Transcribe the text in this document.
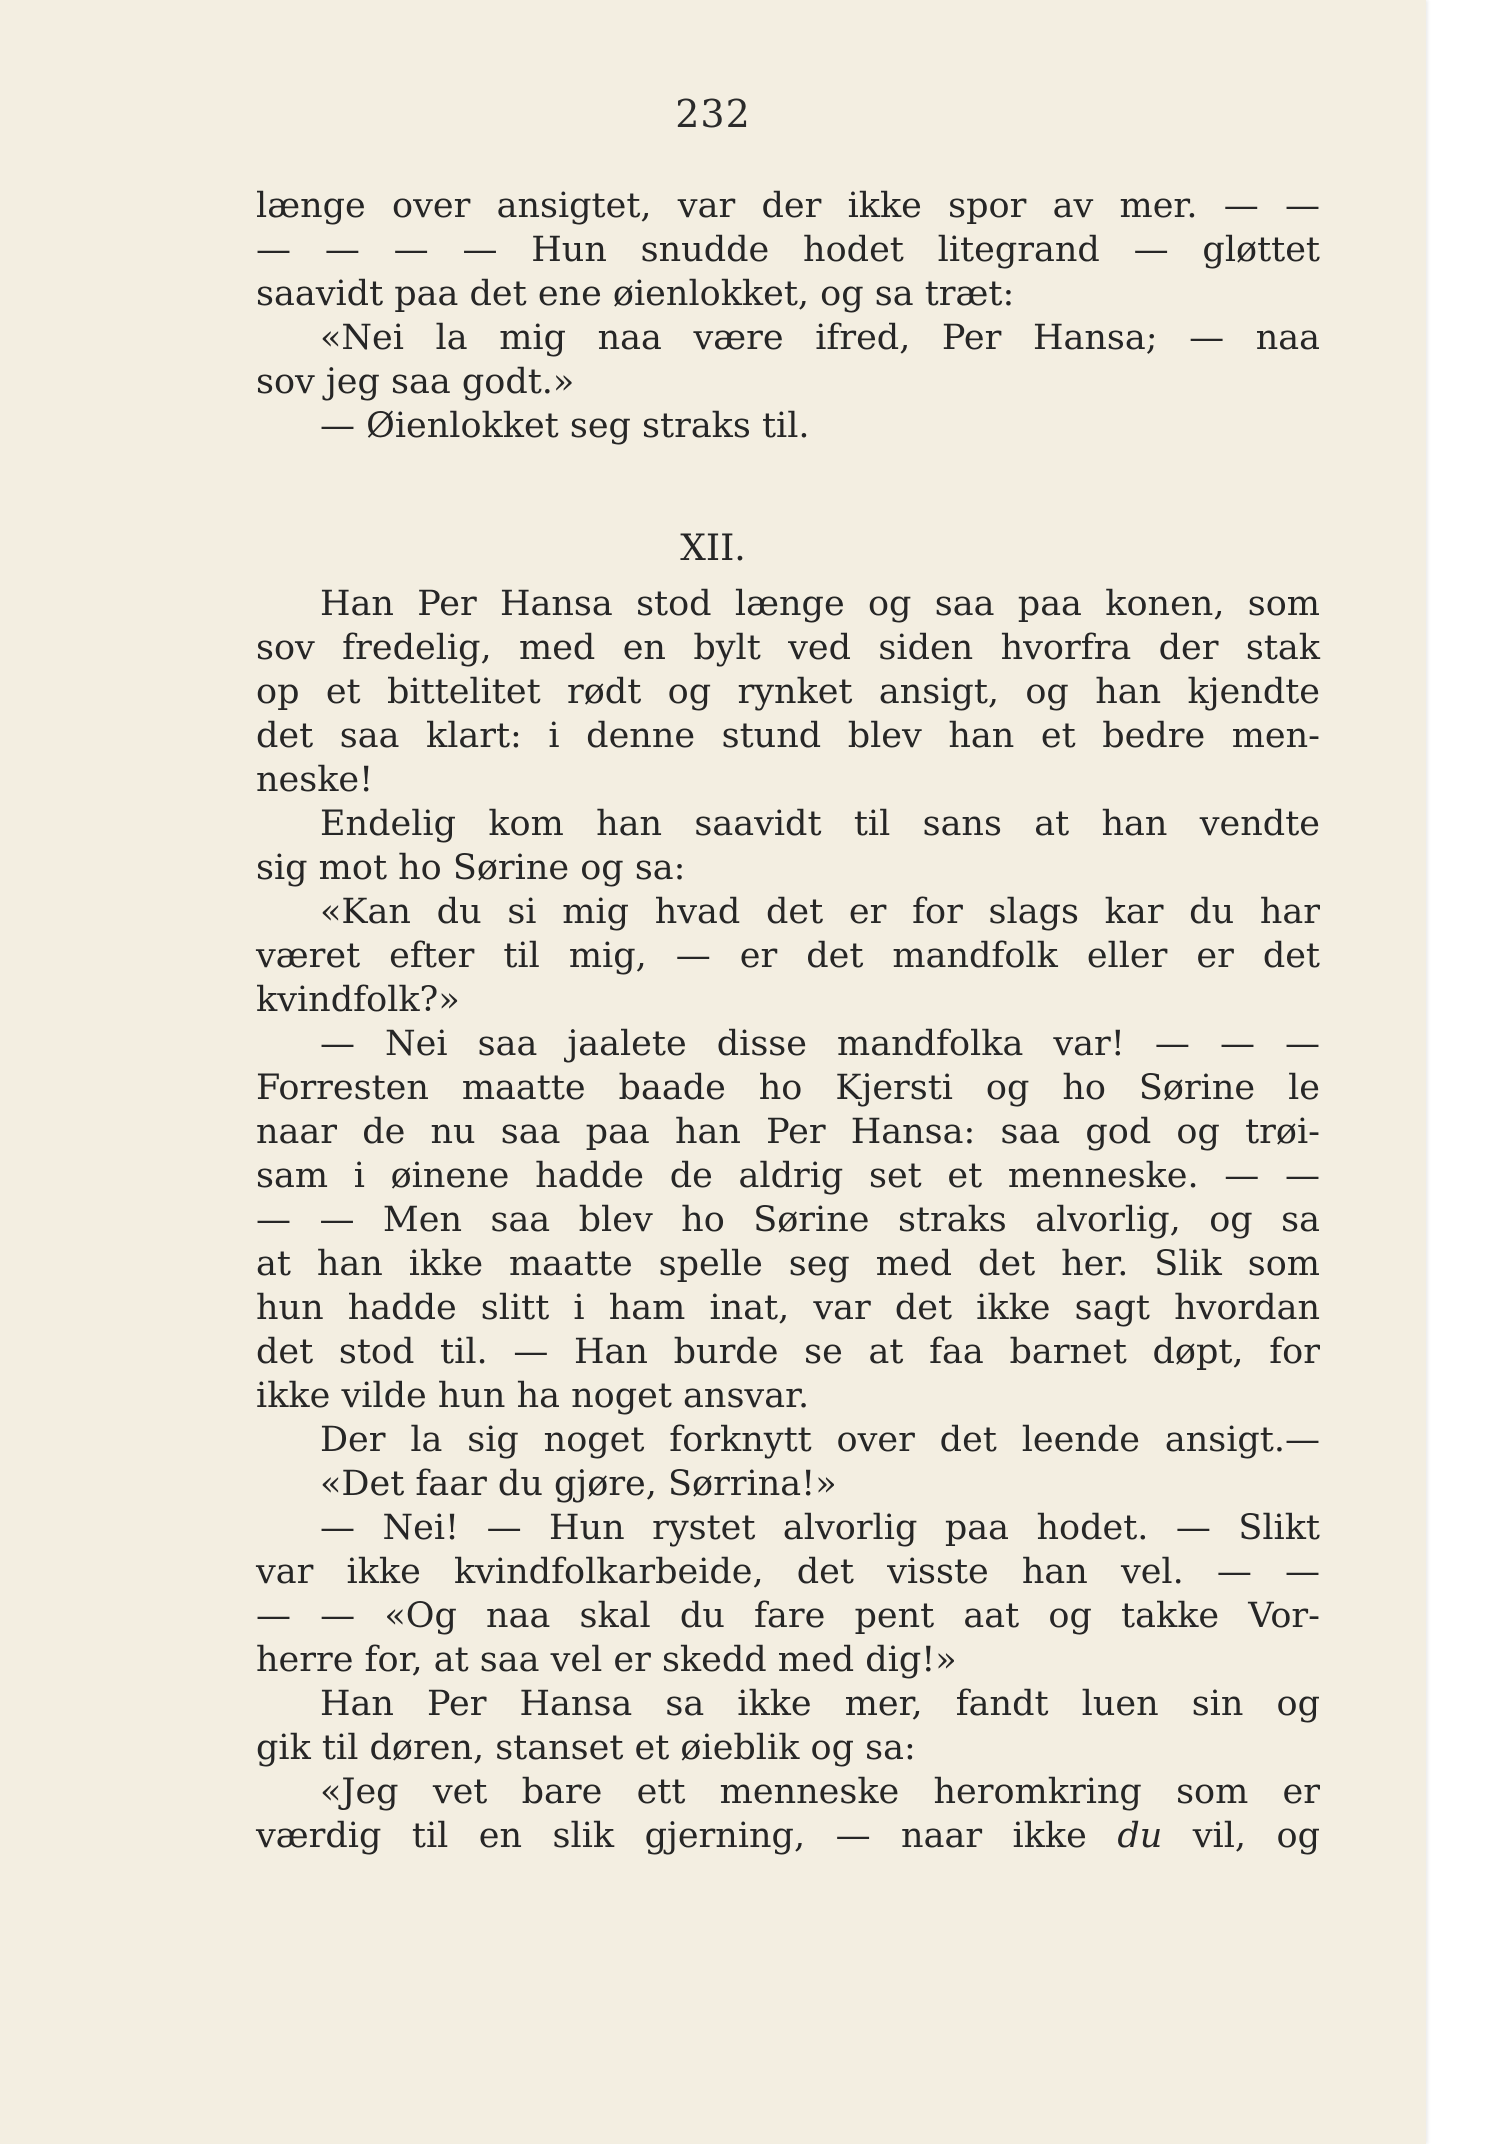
232
længe over ansigtet, var der ikke spor av mer. — —
— — — — Hun snudde hodet litegrand — gløttet
saavidt paa det ene øienlokket, og sa træt:
«Nei la mig naa være ifred, Per Hansa; — naa
sov jeg saa godt.»
— Øienlokket seg straks til.
XII.
Han Per Hansa stod længe og saa paa konen, som
sov fredelig, med en bylt ved siden hvorfra der stak
op et bittelitet rødt og rynket ansigt, og han kjendte
det saa klart: i denne stund blev han et bedre men-
neske!
Endelig kom han saavidt til sans at han vendte
sig mot ho Sørine og sa:
«Kan du si mig hvad det er for slags kar du har
været efter til mig, — er det mandfolk eller er det
kvindfolk?»
— Nei saa jaalete disse mandfolka var! — — —
Forresten maatte baade ho Kjersti og ho Sørine le
naar de nu saa paa han Per Hansa: saa god og trøi-
sam i øinene hadde de aldrig set et menneske. — —
— — Men saa blev ho Sørine straks alvorlig, og sa
at han ikke maatte spelle seg med det her. Slik som
hun hadde slitt i ham inat, var det ikke sagt hvordan
det stod til. — Han burde se at faa barnet døpt, for
ikke vilde hun ha noget ansvar.
Der la sig noget forknytt over det leende ansigt.—
«Det faar du gjøre, Sørrina!»
— Nei! — Hun rystet alvorlig paa hodet. — Slikt
var ikke kvindfolkarbeide, det visste han vel. — —
— — «Og naa skal du fare pent aat og takke Vor-
herre for, at saa vel er skedd med dig!»
Han Per Hansa sa ikke mer, fandt luen sin og
gik til døren, stanset et øieblik og sa:
«Jeg vet bare ett menneske heromkring som er
værdig til en slik gjerning, — naar ikke du vil, og
